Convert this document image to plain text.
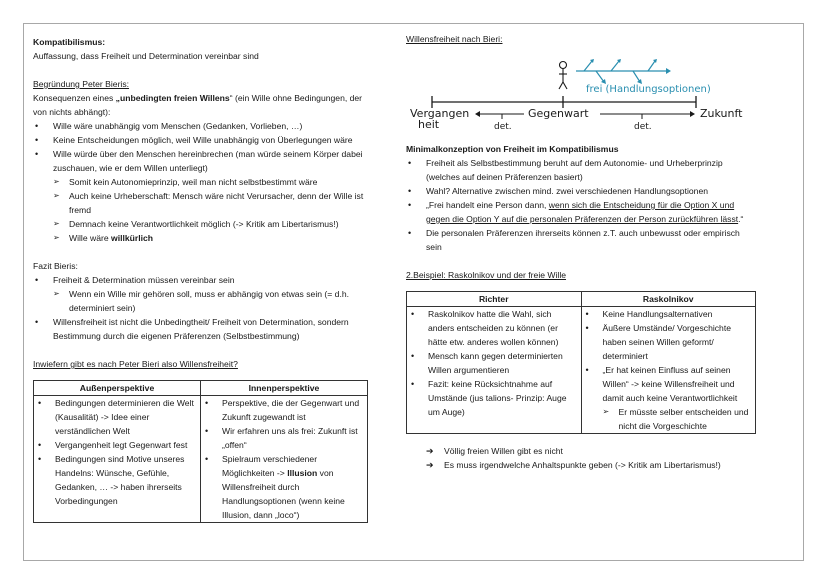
Kompatibilismus:

Auffassung, dass Freiheit und Determination vereinbar sind

Begründung Peter Bieris:

Konsequenzen eines „unbedingten freien Willens“ (ein Wille ohne Bedingungen, der von nichts abhängt):

• Wille wäre unabhängig vom Menschen (Gedanken, Vorlieben, …)
• Keine Entscheidungen möglich, weil Wille unabhängig von Überlegungen wäre
• Wille würde über den Menschen hereinbrechen (man würde seinem Körper dabei zuschauen, wie er dem Willen unterliegt)
➢ Somit kein Autonomieprinzip, weil man nicht selbstbestimmt wäre
➢ Auch keine Urheberschaft: Mensch wäre nicht Verursacher, denn der Wille ist fremd
➢ Demnach keine Verantwortlichkeit möglich (-> Kritik am Libertarismus!)
➢ Wille wäre willkürlich

Fazit Bieris:

• Freiheit & Determination müssen vereinbar sein
➢ Wenn ein Wille mir gehören soll, muss er abhängig von etwas sein (= d.h. determiniert sein)
• Willensfreiheit ist nicht die Unbedingtheit/ Freiheit von Determination, sondern Bestimmung durch die eigenen Präferenzen (Selbstbestimmung)

Inwiefern gibt es nach Peter Bieri also Willensfreiheit?

Außenperspektive	Innenperspektive

• Bedingungen determinieren die Welt (Kausalität) -> Idee einer verständlichen Welt
• Vergangenheit legt Gegenwart fest
• Bedingungen sind Motive unseres Handelns: Wünsche, Gefühle, Gedanken, … -> haben ihrerseits Vorbedingungen

• Perspektive, die der Gegenwart und Zukunft zugewandt ist
• Wir erfahren uns als frei: Zukunft ist „offen“
• Spielraum verschiedener Möglichkeiten -> Illusion von Willensfreiheit durch Handlungsoptionen (wenn keine Illusion, dann „loco“)

Willensfreiheit nach Bieri:

frei (Handlungsoptionen)
Vergangen
heit
Gegenwart	Zukunft
det.	det.

Minimalkonzeption von Freiheit im Kompatibilismus

• Freiheit als Selbstbestimmung beruht auf dem Autonomie- und Urheberprinzip (welches auf deinen Präferenzen basiert)
• Wahl? Alternative zwischen mind. zwei verschiedenen Handlungsoptionen
• „Frei handelt eine Person dann, wenn sich die Entscheidung für die Option X und gegen die Option Y auf die personalen Präferenzen der Person zurückführen lässt.“
• Die personalen Präferenzen ihrerseits können z.T. auch unbewusst oder empirisch sein

2.Beispiel: Raskolnikov und der freie Wille

Richter	Raskolnikov

• Raskolnikov hatte die Wahl, sich anders entscheiden zu können (er hätte etw. anderes wollen können)
• Mensch kann gegen determinierten Willen argumentieren
• Fazit: keine Rücksichtnahme auf Umstände (jus talions- Prinzip: Auge um Auge)

• Keine Handlungsalternativen
• Äußere Umstände/ Vorgeschichte haben seinen Willen geformt/ determiniert
• „Er hat keinen Einfluss auf seinen Willen“ -> keine Willensfreiheit und damit auch keine Verantwortlichkeit
➢ Er müsste selber entscheiden und nicht die Vorgeschichte
➔ Völlig freien Willen gibt es nicht
➔ Es muss irgendwelche Anhaltspunkte geben (-> Kritik am Libertarismus!)
